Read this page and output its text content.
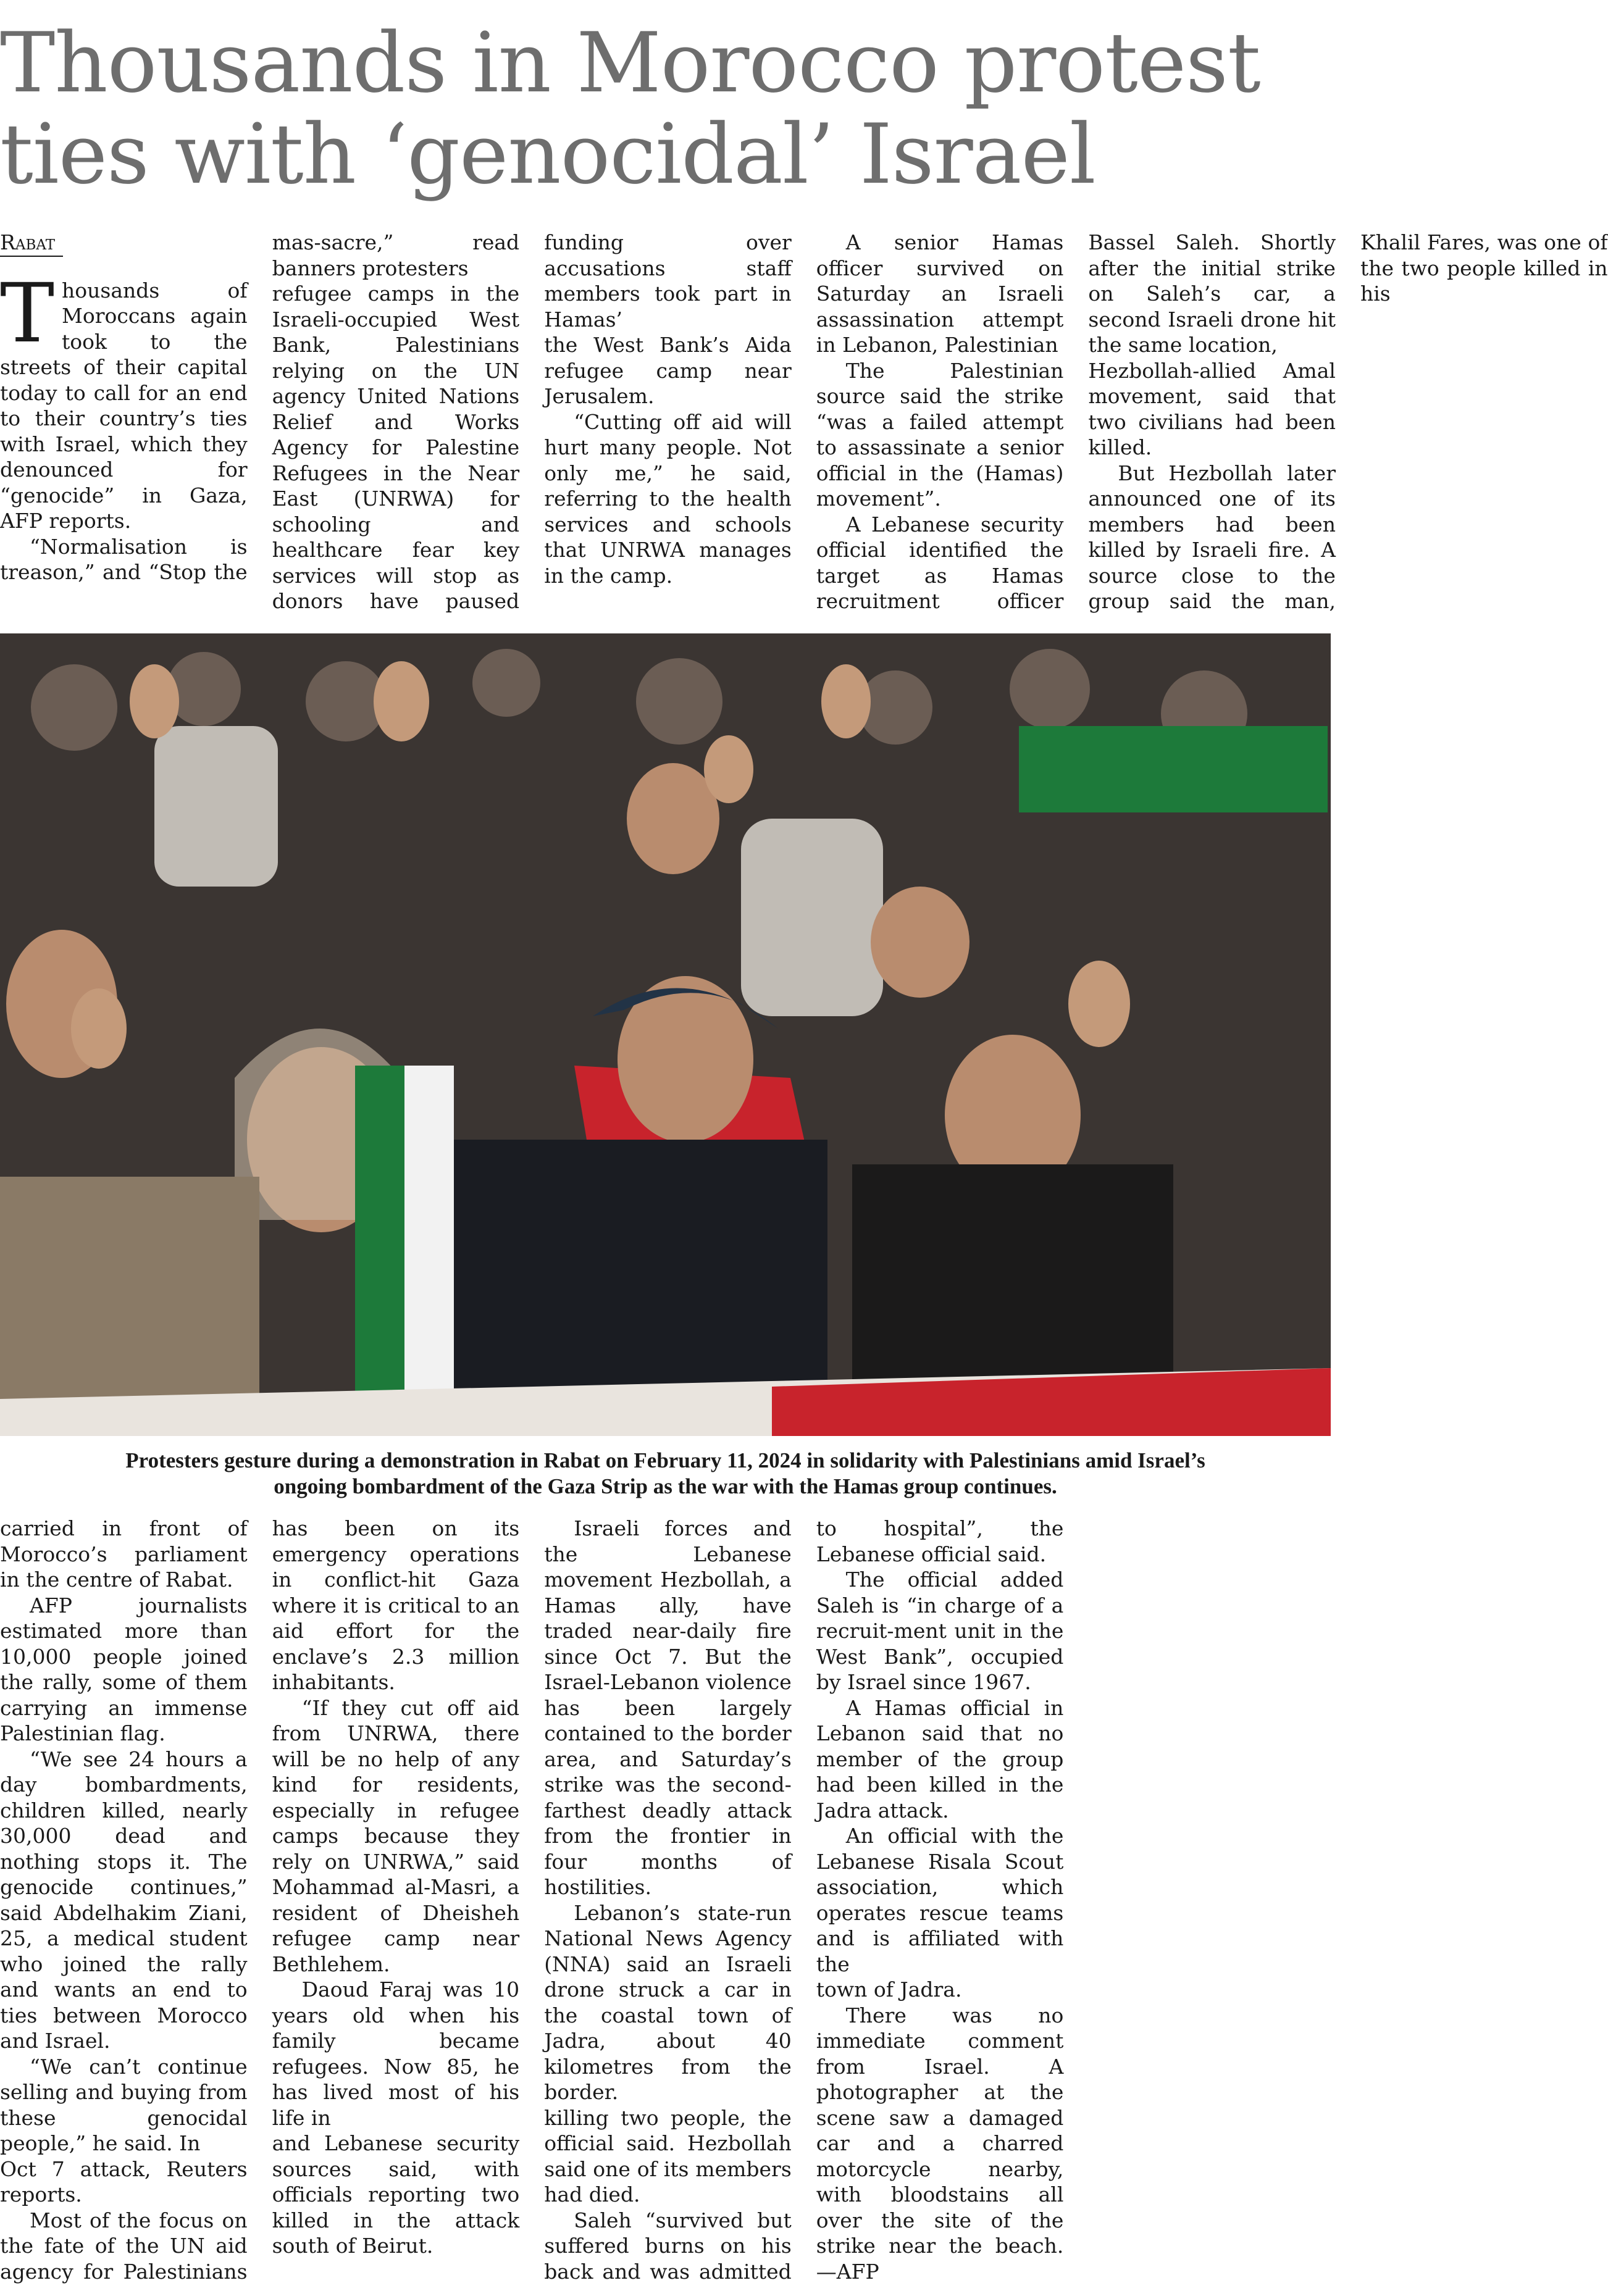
Thousands in Morocco protest
ties with ‘genocidal’ Israel
Rabat

Thousands of Moroccans again took to the streets of their capital today to call for an end to their country’s ties with Israel, which they denounced for “genocide” in Gaza, AFP reports.

“Normalisation is treason,” and “Stop the mas-sacre,” read banners protesters

refugee camps in the Israeli-occupied West Bank, Palestinians relying on the UN agency United Nations Relief and Works Agency for Palestine Refugees in the Near East (UNRWA) for schooling and healthcare fear key services will stop as donors have paused funding over accusations staff members took part in Hamas’

the West Bank’s Aida refugee camp near Jerusalem.

“Cutting off aid will hurt many people. Not only me,” he said, referring to the health services and schools that UNRWA manages in the camp.

A senior Hamas officer survived on Saturday an Israeli assassination attempt in Lebanon, Palestinian

The Palestinian source said the strike “was a failed attempt to assassinate a senior official in the (Hamas) movement”.

A Lebanese security official identified the target as Hamas recruitment officer Bassel Saleh. Shortly after the initial strike on Saleh’s car, a second Israeli drone hit the same location,

Hezbollah-allied Amal movement, said that two civilians had been killed.

But Hezbollah later announced one of its members had been killed by Israeli fire. A source close to the group said the man, Khalil Fares, was one of the two people killed in his

Protesters gesture during a demonstration in Rabat on February 11, 2024 in solidarity with Palestinians amid Israel’s
ongoing bombardment of the Gaza Strip as the war with the Hamas group continues.

carried in front of Morocco’s parliament in the centre of Rabat.

AFP journalists estimated more than 10,000 people joined the rally, some of them carrying an immense Palestinian flag.

“We see 24 hours a day bombardments, children killed, nearly 30,000 dead and nothing stops it. The genocide continues,” said Abdelhakim Ziani, 25, a medical student who joined the rally and wants an end to ties between Morocco and Israel.

“We can’t continue selling and buying from these genocidal people,” he said. In

Oct 7 attack, Reuters reports.

Most of the focus on the fate of the UN aid agency for Palestinians has been on its emergency operations in conflict-hit Gaza where it is critical to an aid effort for the enclave’s 2.3 million inhabitants.

“If they cut off aid from UNRWA, there will be no help of any kind for residents, especially in refugee camps because they rely on UNRWA,” said Mohammad al-Masri, a resident of Dheisheh refugee camp near Bethlehem.

Daoud Faraj was 10 years old when his family became refugees. Now 85, he has lived most of his life in

and Lebanese security sources said, with officials reporting two killed in the attack south of Beirut.

Israeli forces and the Lebanese movement Hezbollah, a Hamas ally, have traded near-daily fire since Oct 7. But the Israel-Lebanon violence has been largely contained to the border area, and Saturday’s strike was the second-farthest deadly attack from the frontier in four months of hostilities.

Lebanon’s state-run National News Agency (NNA) said an Israeli drone struck a car in the coastal town of Jadra, about 40 kilometres from the border.

killing two people, the official said. Hezbollah said one of its members had died.

Saleh “survived but suffered burns on his back and was admitted to hospital”, the Lebanese official said.

The official added Saleh is “in charge of a recruit-ment unit in the West Bank”, occupied by Israel since 1967.

A Hamas official in Lebanon said that no member of the group had been killed in the Jadra attack.

An official with the Lebanese Risala Scout association, which operates rescue teams and is affiliated with the

town of Jadra.

There was no immediate comment from Israel. A photographer at the scene saw a damaged car and a charred motorcycle nearby, with bloodstains all over the site of the strike near the beach.—AFP
